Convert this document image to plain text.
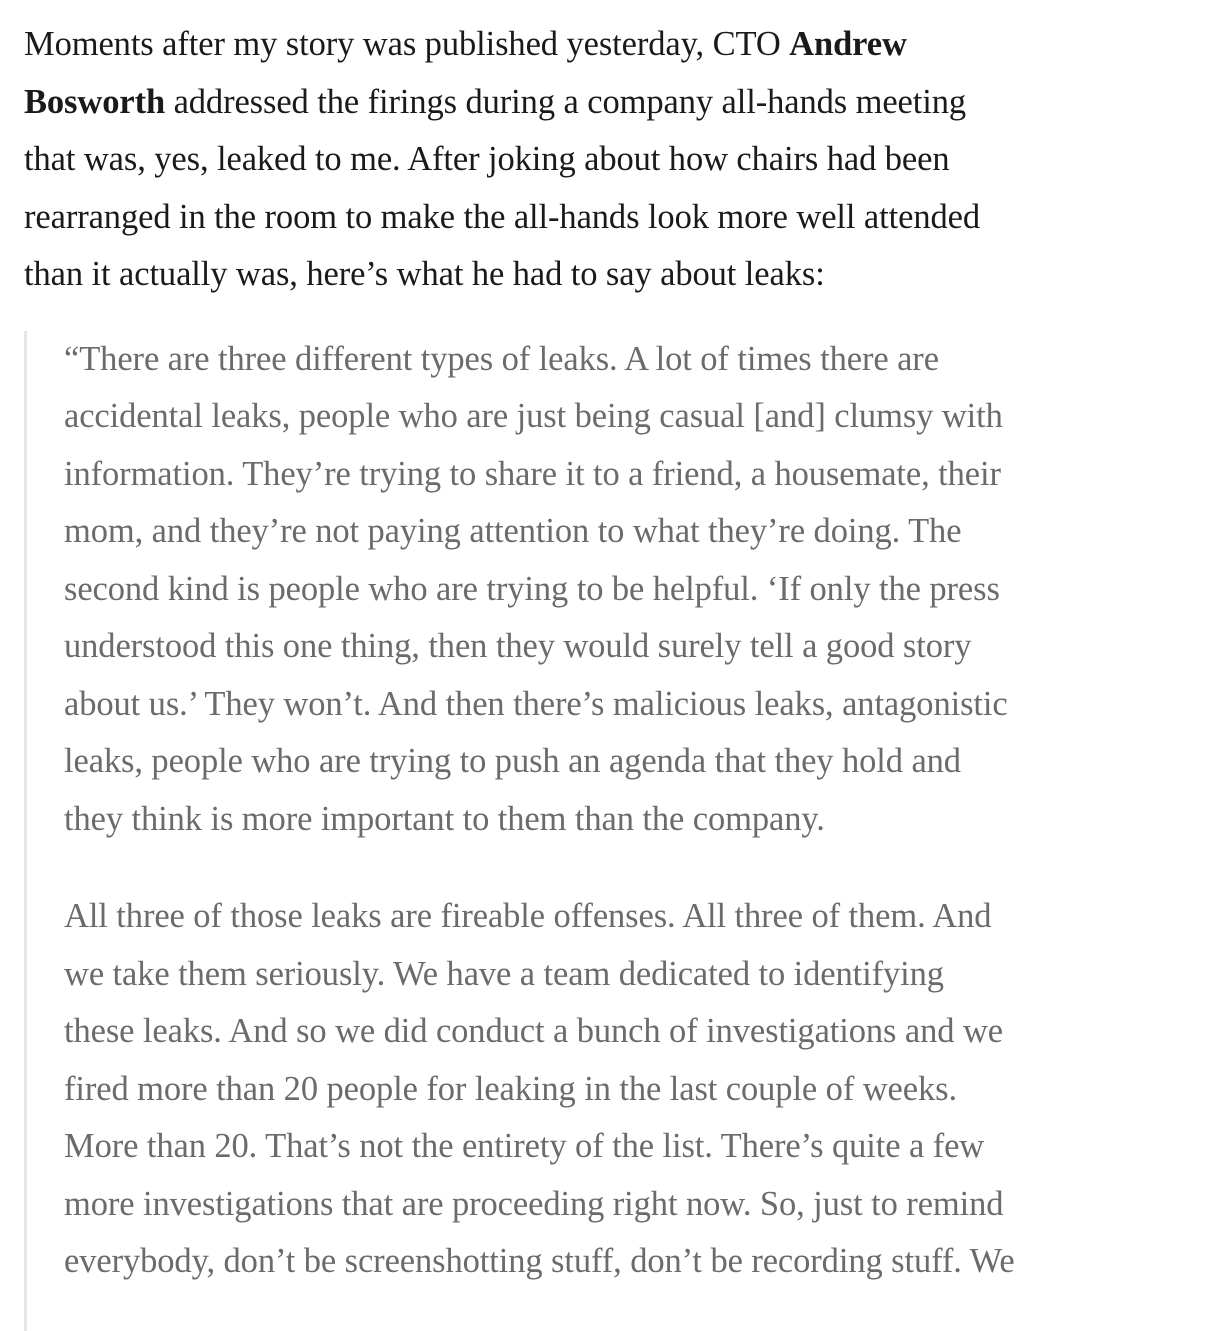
Moments after my story was published yesterday, CTO Andrew
Bosworth addressed the firings during a company all-hands meeting
that was, yes, leaked to me. After joking about how chairs had been
rearranged in the room to make the all-hands look more well attended
than it actually was, here’s what he had to say about leaks:

“There are three different types of leaks. A lot of times there are
accidental leaks, people who are just being casual [and] clumsy with
information. They’re trying to share it to a friend, a housemate, their
mom, and they’re not paying attention to what they’re doing. The
second kind is people who are trying to be helpful. ‘If only the press
understood this one thing, then they would surely tell a good story
about us.’ They won’t. And then there’s malicious leaks, antagonistic
leaks, people who are trying to push an agenda that they hold and
they think is more important to them than the company.

All three of those leaks are fireable offenses. All three of them. And
we take them seriously. We have a team dedicated to identifying
these leaks. And so we did conduct a bunch of investigations and we
fired more than 20 people for leaking in the last couple of weeks.
More than 20. That’s not the entirety of the list. There’s quite a few
more investigations that are proceeding right now. So, just to remind
everybody, don’t be screenshotting stuff, don’t be recording stuff. We
